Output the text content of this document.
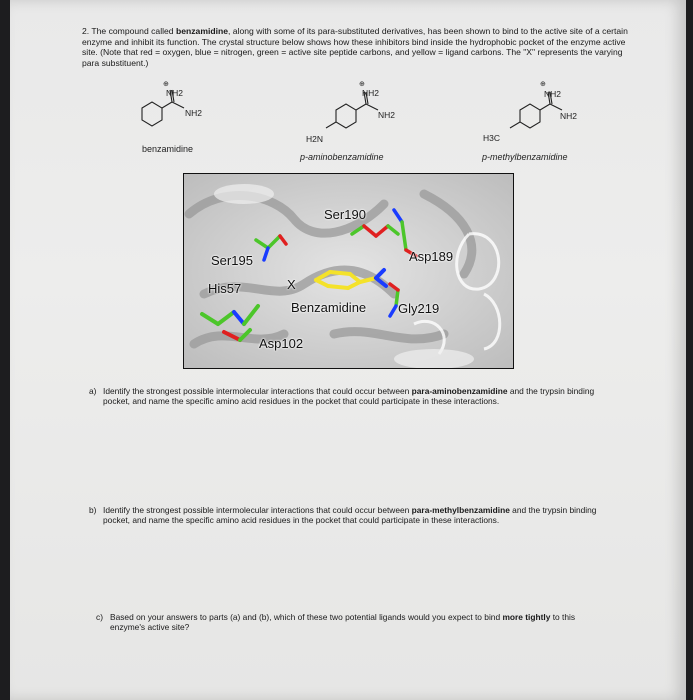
2. The compound called benzamidine, along with some of its para-substituted derivatives, has been shown to bind to the active site of a certain enzyme and inhibit its function. The crystal structure below shows how these inhibitors bind inside the hydrophobic pocket of the enzyme active site. (Note that red = oxygen, blue = nitrogen, green = active site peptide carbons, and yellow = ligand carbons. The "X" represents the varying para substituent.)
⊕
NH2
NH2
benzamidine
⊕
NH2
NH2
H2N
p-aminobenzamidine
⊕
NH2
NH2
H3C
p-methylbenzamidine
Ser190
Ser195	Asp189
His57	X
Benzamidine Gly219
Asp102
a) Identify the strongest possible intermolecular interactions that could occur between para-aminobenzamidine and the trypsin binding pocket, and name the specific amino acid residues in the pocket that could participate in these interactions.
b) Identify the strongest possible intermolecular interactions that could occur between para-methylbenzamidine and the trypsin binding pocket, and name the specific amino acid residues in the pocket that could participate in these interactions.
c) Based on your answers to parts (a) and (b), which of these two potential ligands would you expect to bind more tightly to this enzyme's active site?
